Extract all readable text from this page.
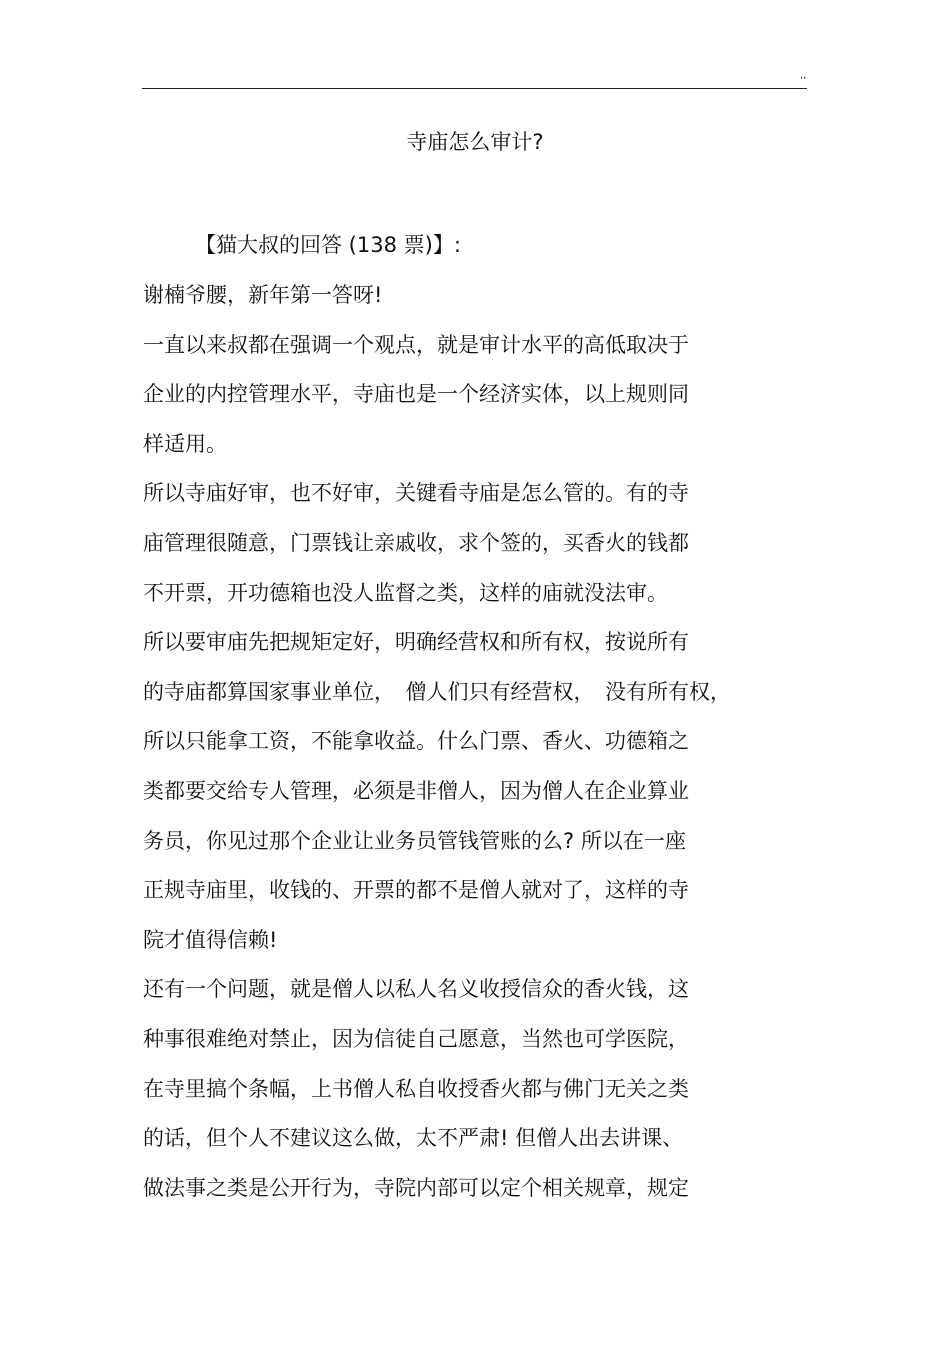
,,
寺庙怎么审计?
【猫大叔的回答 (138 票)】:
谢楠爷腰，新年第一答呀!
一直以来叔都在强调一个观点，就是审计水平的高低取决于
企业的内控管理水平，寺庙也是一个经济实体，以上规则同
样适用。
所以寺庙好审，也不好审，关键看寺庙是怎么管的。有的寺
庙管理很随意，门票钱让亲戚收，求个签的，买香火的钱都
不开票，开功德箱也没人监督之类，这样的庙就没法审。
所以要审庙先把规矩定好，明确经营权和所有权，按说所有
的寺庙都算国家事业单位，　僧人们只有经营权，　没有所有权，
所以只能拿工资，不能拿收益。什么门票、香火、功德箱之
类都要交给专人管理，必须是非僧人，因为僧人在企业算业
务员，你见过那个企业让业务员管钱管账的么? 所以在一座
正规寺庙里，收钱的、开票的都不是僧人就对了，这样的寺
院才值得信赖!
还有一个问题，就是僧人以私人名义收授信众的香火钱，这
种事很难绝对禁止，因为信徒自己愿意，当然也可学医院，
在寺里搞个条幅，上书僧人私自收授香火都与佛门无关之类
的话，但个人不建议这么做，太不严肃! 但僧人出去讲课、
做法事之类是公开行为，寺院内部可以定个相关规章，规定
